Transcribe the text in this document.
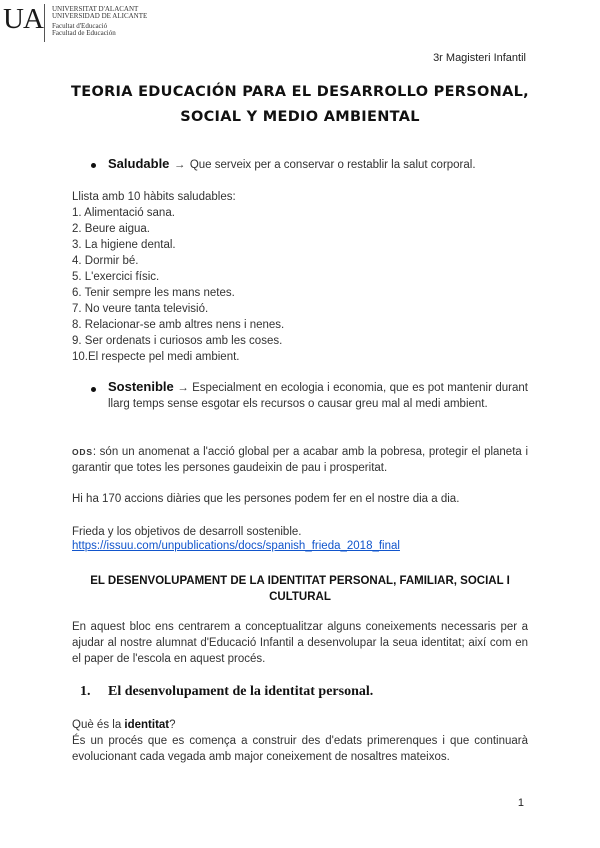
UA UNIVERSITAT D'ALACANT
UNIVERSIDAD DE ALICANTE
Facultat d'Educació
Facultad de Educación
3r Magisteri Infantil
TEORIA EDUCACIÓN PARA EL DESARROLLO PERSONAL,
SOCIAL Y MEDIO AMBIENTAL
Saludable → Que serveix per a conservar o restablir la salut corporal.
Llista amb 10 hàbits saludables:
1. Alimentació sana.
2. Beure aigua.
3. La higiene dental.
4. Dormir bé.
5. L'exercici físic.
6. Tenir sempre les mans netes.
7. No veure tanta televisió.
8. Relacionar-se amb altres nens i nenes.
9. Ser ordenats i curiosos amb les coses.
10.El respecte pel medi ambient.
Sostenible → Especialment en ecologia i economia, que es pot mantenir durant llarg temps sense esgotar els recursos o causar greu mal al medi ambient.
ODS: són un anomenat a l'acció global per a acabar amb la pobresa, protegir el planeta i garantir que totes les persones gaudeixin de pau i prosperitat.
Hi ha 170 accions diàries que les persones podem fer en el nostre dia a dia.
Frieda y los objetivos de desarroll sostenible.
https://issuu.com/unpublications/docs/spanish_frieda_2018_final
EL DESENVOLUPAMENT DE LA IDENTITAT PERSONAL, FAMILIAR, SOCIAL I CULTURAL
En aquest bloc ens centrarem a conceptualitzar alguns coneixements necessaris per a ajudar al nostre alumnat d'Educació Infantil a desenvolupar la seua identitat; així com en el paper de l'escola en aquest procés.
1. El desenvolupament de la identitat personal.
Què és la identitat?
És un procés que es comença a construir des d'edats primerenques i que continuarà evolucionant cada vegada amb major coneixement de nosaltres mateixos.
1
